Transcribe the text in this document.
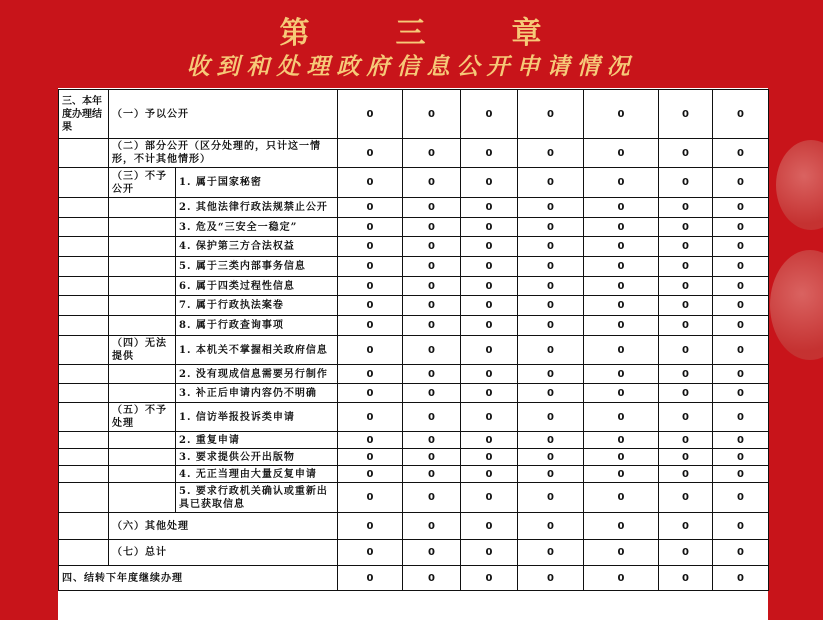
第	三	章
收到和处理政府信息公开申请情况
三、本年度办理结果	（一）予以公开		0	0	0	0	0	0	0
	（二）部分公开（区分处理的，只计这一情形，不计其他情形）		0	0	0	0	0	0	0
	（三）不予公开	1. 属于国家秘密	0	0	0	0	0	0	0
		2. 其他法律行政法规禁止公开	0	0	0	0	0	0	0
		3. 危及“三安全一稳定”	0	0	0	0	0	0	0
		4. 保护第三方合法权益	0	0	0	0	0	0	0
		5. 属于三类内部事务信息	0	0	0	0	0	0	0
		6. 属于四类过程性信息	0	0	0	0	0	0	0
		7. 属于行政执法案卷	0	0	0	0	0	0	0
		8. 属于行政查询事项	0	0	0	0	0	0	0
	（四）无法提供	1. 本机关不掌握相关政府信息	0	0	0	0	0	0	0
		2. 没有现成信息需要另行制作	0	0	0	0	0	0	0
		3. 补正后申请内容仍不明确	0	0	0	0	0	0	0
	（五）不予处理	1. 信访举报投诉类申请	0	0	0	0	0	0	0
		2. 重复申请	0	0	0	0	0	0	0
		3. 要求提供公开出版物	0	0	0	0	0	0	0
		4. 无正当理由大量反复申请	0	0	0	0	0	0	0
		5. 要求行政机关确认或重新出具已获取信息	0	0	0	0	0	0	0
	（六）其他处理		0	0	0	0	0	0	0
	（七）总计		0	0	0	0	0	0	0
四、结转下年度继续办理			0	0	0	0	0	0	0
